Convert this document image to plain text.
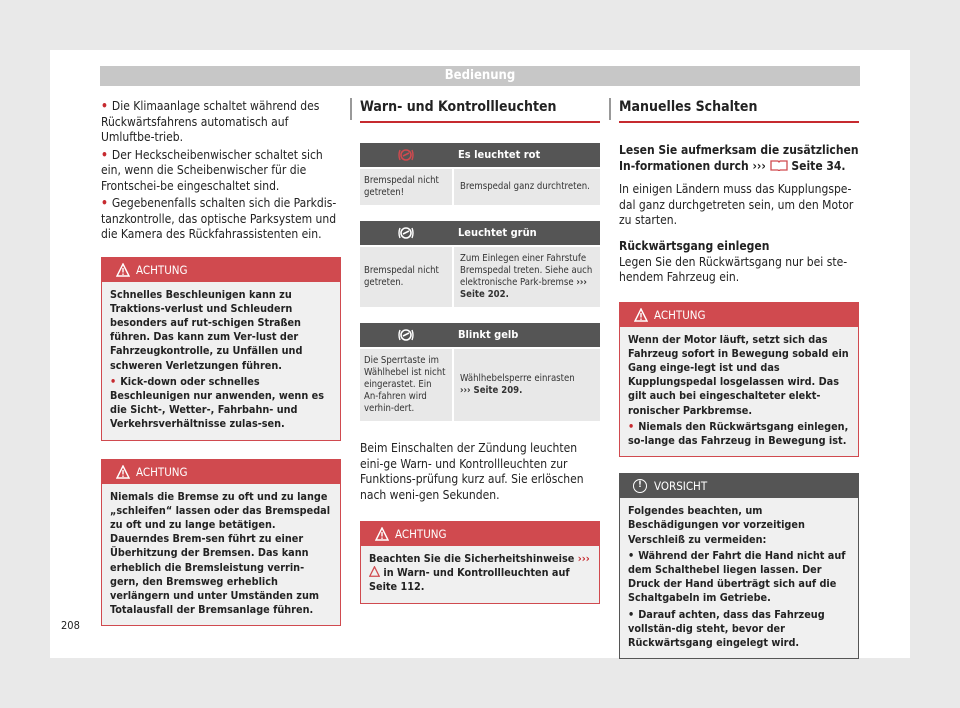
Bedienung
• Die Klimaanlage schaltet während des Rückwärtsfahrens automatisch auf Umluftbe-trieb.
• Der Heckscheibenwischer schaltet sich ein, wenn die Scheibenwischer für die Frontschei-be eingeschaltet sind.
• Gegebenenfalls schalten sich die Parkdis-tanzkontrolle, das optische Parksystem und die Kamera des Rückfahrassistenten ein.
ACHTUNG
Schnelles Beschleunigen kann zu Traktions-verlust und Schleudern besonders auf rut-schigen Straßen führen. Das kann zum Ver-lust der Fahrzeugkontrolle, zu Unfällen und schweren Verletzungen führen.
• Kick-down oder schnelles Beschleunigen nur anwenden, wenn es die Sicht-, Wetter-, Fahrbahn- und Verkehrsverhältnisse zulas-sen.
ACHTUNG
Niemals die Bremse zu oft und zu lange „schleifen“ lassen oder das Bremspedal zu oft und zu lange betätigen. Dauerndes Brem-sen führt zu einer Überhitzung der Bremsen. Das kann erheblich die Bremsleistung verrin-gern, den Bremsweg erheblich verlängern und unter Umständen zum Totalausfall der Bremsanlage führen.
Warn- und Kontrollleuchten
Es leuchtet rot
Bremspedal nicht getreten!
Bremspedal ganz durchtreten.
Leuchtet grün
Bremspedal nicht getreten.
Zum Einlegen einer Fahrstufe Bremspedal treten. Siehe auch elektronische Park-bremse ››› Seite 202.
Blinkt gelb
Die Sperrtaste im Wählhebel ist nicht eingerastet. Ein An-fahren wird verhin-dert.
Wählhebelsperre einrasten
››› Seite 209.

Beim Einschalten der Zündung leuchten eini-ge Warn- und Kontrollleuchten zur Funktions-prüfung kurz auf. Sie erlöschen nach weni-gen Sekunden.

ACHTUNG
Beachten Sie die Sicherheitshinweise ›››  in Warn- und Kontrollleuchten auf Seite 112.
Manuelles Schalten
Lesen Sie aufmerksam die zusätzlichen In-formationen durch ››› Seite 34.

In einigen Ländern muss das Kupplungspe-dal ganz durchgetreten sein, um den Motor zu starten.

Rückwärtsgang einlegen

Legen Sie den Rückwärtsgang nur bei ste-hendem Fahrzeug ein.

ACHTUNG
Wenn der Motor läuft, setzt sich das Fahrzeug sofort in Bewegung sobald ein Gang einge-legt ist und das Kupplungspedal losgelassen wird. Das gilt auch bei eingeschalteter elekt-ronischer Parkbremse.
• Niemals den Rückwärtsgang einlegen, so-lange das Fahrzeug in Bewegung ist.
!	VORSICHT
Folgendes beachten, um Beschädigungen vor vorzeitigen Verschleiß zu vermeiden:
• Während der Fahrt die Hand nicht auf dem Schalthebel liegen lassen. Der Druck der Hand überträgt sich auf die Schaltgabeln im Getriebe.
• Darauf achten, dass das Fahrzeug vollstän-dig steht, bevor der Rückwärtsgang eingelegt wird.
208
